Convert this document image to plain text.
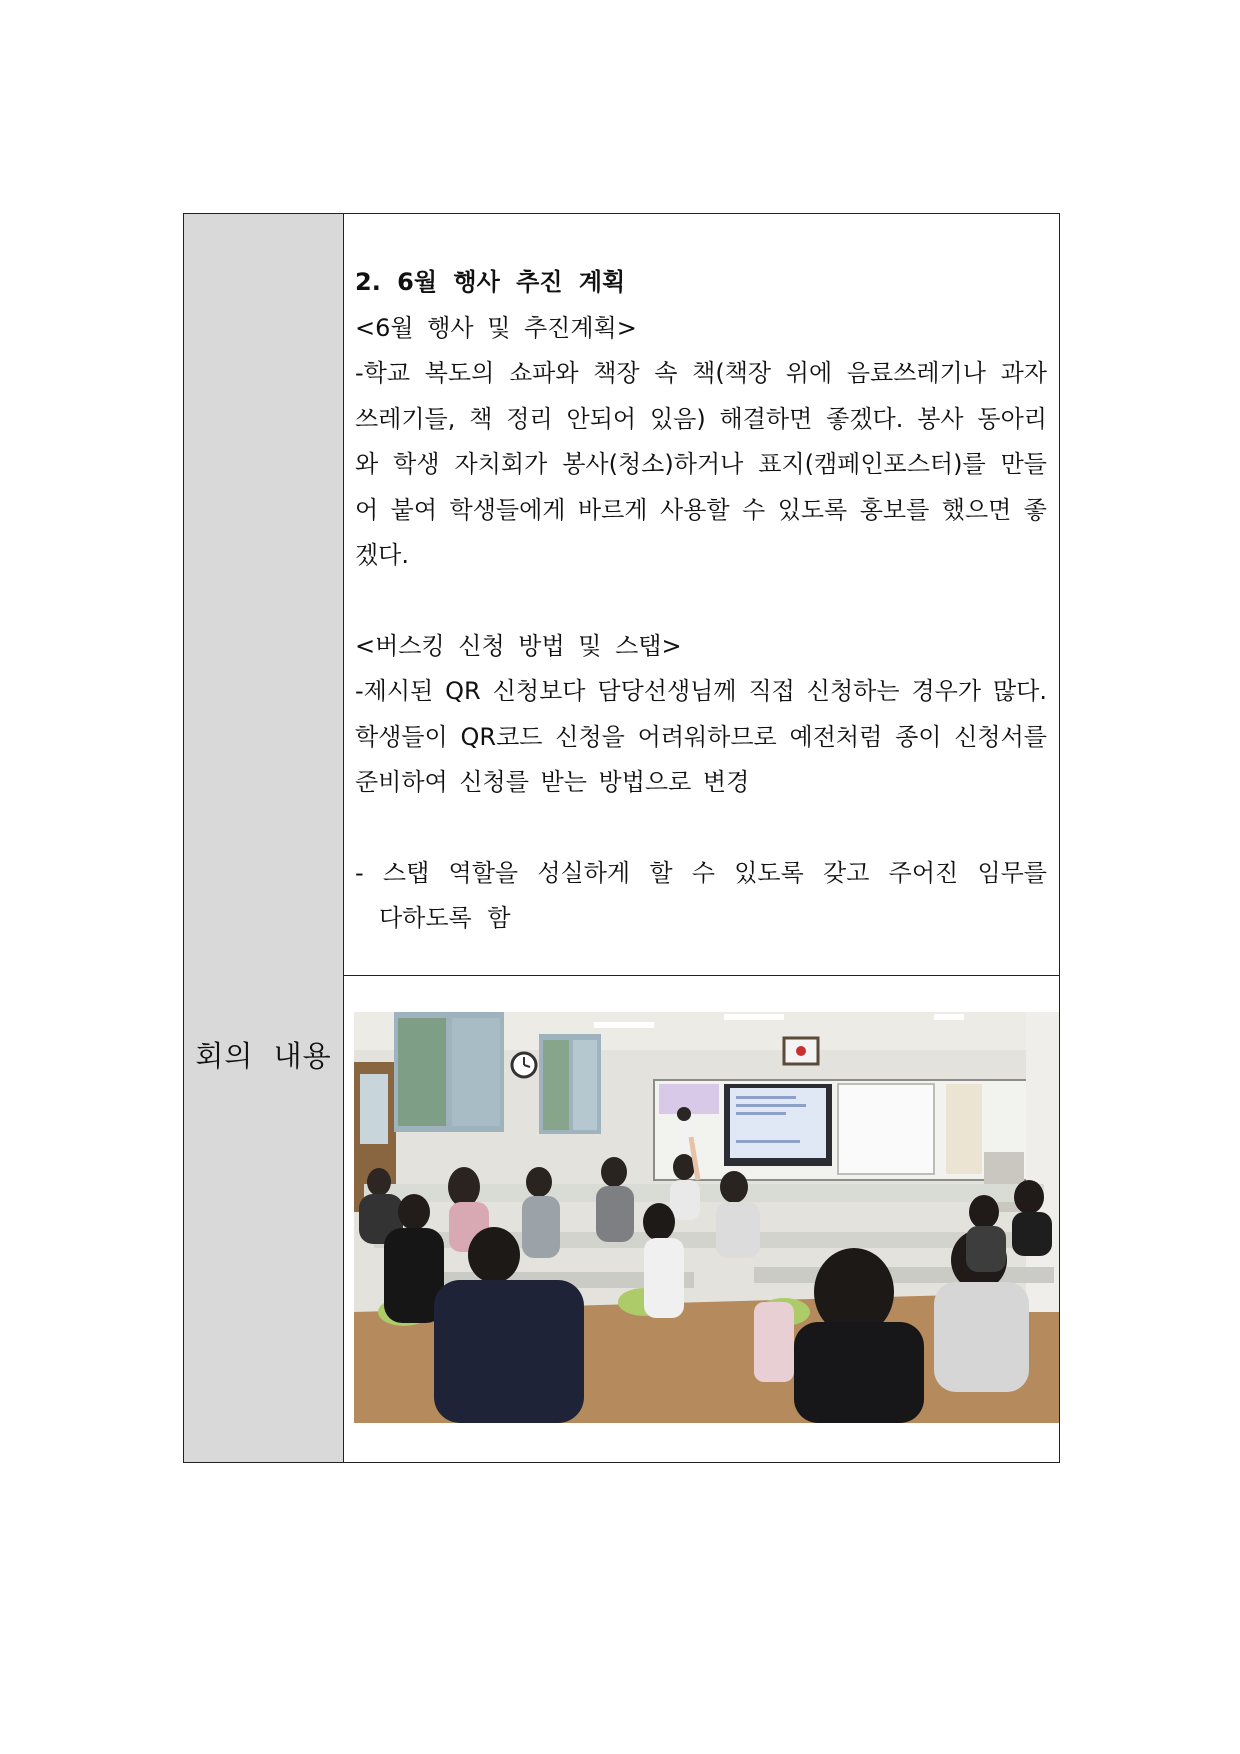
회의 내용

2. 6월 행사 추진 계획

<6월 행사 및 추진계획>

-학교 복도의 쇼파와 책장 속 책(책장 위에 음료쓰레기나 과자 쓰레기들, 책 정리 안되어 있음) 해결하면 좋겠다. 봉사 동아리와 학생 자치회가 봉사(청소)하거나 표지(캠페인포스터)를 만들어 붙여 학생들에게 바르게 사용할 수 있도록 홍보를 했으면 좋겠다.

<버스킹 신청 방법 및 스탭>

-제시된 QR 신청보다 담당선생님께 직접 신청하는 경우가 많다. 학생들이 QR코드 신청을 어려워하므로 예전처럼 종이 신청서를 준비하여 신청를 받는 방법으로 변경

- 스탭 역할을 성실하게 할 수 있도록 갖고 주어진 임무를 다하도록 함
